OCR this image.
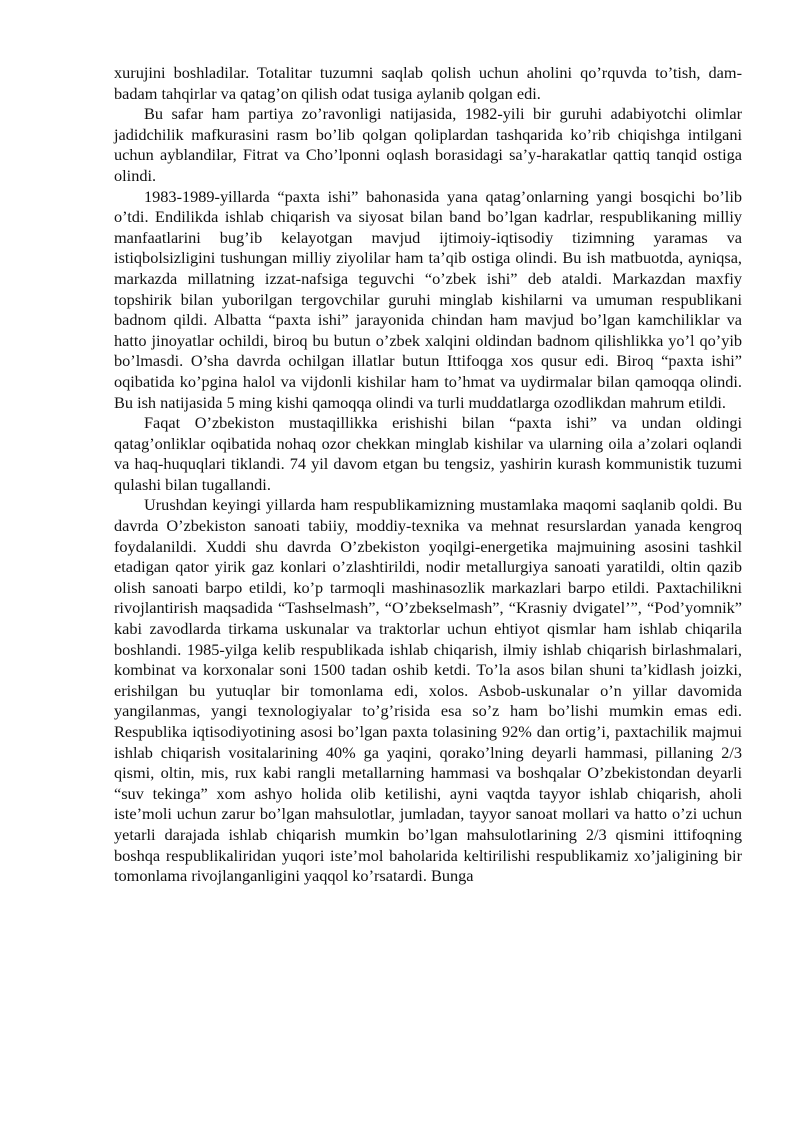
xurujini boshladilar. Totalitar tuzumni saqlab qolish uchun aholini qo’rquvda to’tish, dam-badam tahqirlar va qatag’on qilish odat tusiga aylanib qolgan edi.

Bu safar ham partiya zo’ravonligi natijasida, 1982-yili bir guruhi adabiyotchi olimlar jadidchilik mafkurasini rasm bo’lib qolgan qoliplardan tashqarida ko’rib chiqishga intilgani uchun ayblandilar, Fitrat va Cho’lponni oqlash borasidagi sa’y-harakatlar qattiq tanqid ostiga olindi.

1983-1989-yillarda “paxta ishi” bahonasida yana qatag’onlarning yangi bosqichi bo’lib o’tdi. Endilikda ishlab chiqarish va siyosat bilan band bo’lgan kadrlar, respublikaning milliy manfaatlarini bug’ib kelayotgan mavjud ijtimoiy-iqtisodiy tizimning yaramas va istiqbolsizligini tushungan milliy ziyolilar ham ta’qib ostiga olindi. Bu ish matbuotda, ayniqsa, markazda millatning izzat-nafsiga teguvchi “o’zbek ishi” deb ataldi. Markazdan maxfiy topshirik bilan yuborilgan tergovchilar guruhi minglab kishilarni va umuman respublikani badnom qildi. Albatta “paxta ishi” jarayonida chindan ham mavjud bo’lgan kamchiliklar va hatto jinoyatlar ochildi, biroq bu butun o’zbek xalqini oldindan badnom qilishlikka yo’l qo’yib bo’lmasdi. O’sha davrda ochilgan illatlar butun Ittifoqga xos qusur edi. Biroq “paxta ishi” oqibatida ko’pgina halol va vijdonli kishilar ham to’hmat va uydirmalar bilan qamoqqa olindi. Bu ish natijasida 5 ming kishi qamoqqa olindi va turli muddatlarga ozodlikdan mahrum etildi.

Faqat O’zbekiston mustaqillikka erishishi bilan “paxta ishi” va undan oldingi qatag’onliklar oqibatida nohaq ozor chekkan minglab kishilar va ularning oila a’zolari oqlandi va haq-huquqlari tiklandi. 74 yil davom etgan bu tengsiz, yashirin kurash kommunistik tuzumi qulashi bilan tugallandi.

Urushdan keyingi yillarda ham respublikamizning mustamlaka maqomi saqlanib qoldi. Bu davrda O’zbekiston sanoati tabiiy, moddiy-texnika va mehnat resurslardan yanada kengroq foydalanildi. Xuddi shu davrda O’zbekiston yoqilgi-energetika majmuining asosini tashkil etadigan qator yirik gaz konlari o’zlashtirildi, nodir metallurgiya sanoati yaratildi, oltin qazib olish sanoati barpo etildi, ko’p tarmoqli mashinasozlik markazlari barpo etildi. Paxtachilikni rivojlantirish maqsadida “Tashselmash”, “O’zbekselmash”, “Krasniy dvigatel’”, “Pod’yomnik” kabi zavodlarda tirkama uskunalar va traktorlar uchun ehtiyot qismlar ham ishlab chiqarila boshlandi. 1985-yilga kelib respublikada ishlab chiqarish, ilmiy ishlab chiqarish birlashmalari, kombinat va korxonalar soni 1500 tadan oshib ketdi. To’la asos bilan shuni ta’kidlash joizki, erishilgan bu yutuqlar bir tomonlama edi, xolos. Asbob-uskunalar o’n yillar davomida yangilanmas, yangi texnologiyalar to’g’risida esa so’z ham bo’lishi mumkin emas edi. Respublika iqtisodiyotining asosi bo’lgan paxta tolasining 92% dan ortig’i, paxtachilik majmui ishlab chiqarish vositalarining 40% ga yaqini, qorako’lning deyarli hammasi, pillaning 2/3 qismi, oltin, mis, rux kabi rangli metallarning hammasi va boshqalar O’zbekistondan deyarli “suv tekinga” xom ashyo holida olib ketilishi, ayni vaqtda tayyor ishlab chiqarish, aholi iste’moli uchun zarur bo’lgan mahsulotlar, jumladan, tayyor sanoat mollari va hatto o’zi uchun yetarli darajada ishlab chiqarish mumkin bo’lgan mahsulotlarining 2/3 qismini ittifoqning boshqa respublikaliridan yuqori iste’mol baholarida keltirilishi respublikamiz xo’jaligining bir tomonlama rivojlanganligini yaqqol ko’rsatardi. Bunga
